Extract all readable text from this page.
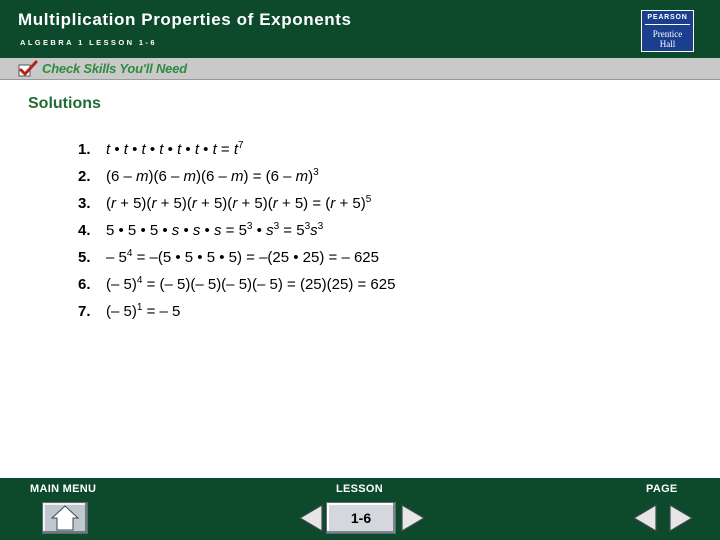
Multiplication Properties of Exponents
ALGEBRA 1 LESSON 1-6
PEARSON
Prentice
Hall
Check Skills You'll Need
Solutions
1.	t • t • t • t • t • t • $t = t^7$
2.	(6 – m)(6 – m)(6 – m) = (6 – m)$^3$
3.	$(r + 5)(r + 5)(r + 5)(r + 5)(r + 5) = (r + 5)^5$
4.	5 • 5 • 5 • s • s • $s = 5^3$ • $s^3 = 5^3s^3$
5.	– $5^4 = -(5$ • 5 • 5 • 5) = –(25 • 25) = – 625
6.	(– 5)$^4$ = (– 5)(– 5)(– 5)(– 5) = (25)(25) = 625
7.	(– 5)$^1$ = – 5
MAIN MENU	LESSON	PAGE
1-6
